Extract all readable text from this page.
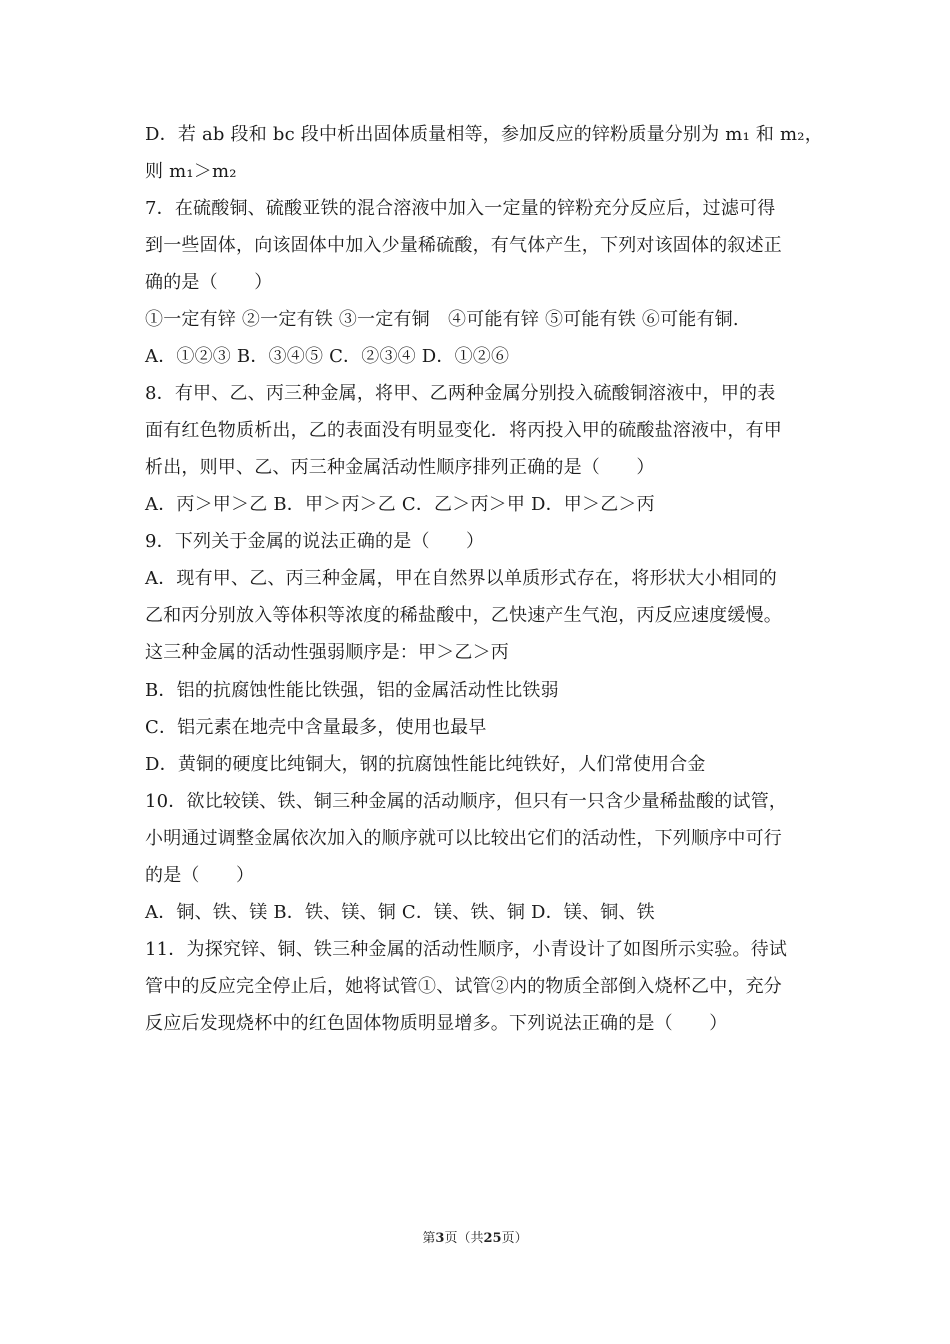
D．若 ab 段和 bc 段中析出固体质量相等，参加反应的锌粉质量分别为 m₁ 和 m₂，
则 m₁＞m₂
7．在硫酸铜、硫酸亚铁的混合溶液中加入一定量的锌粉充分反应后，过滤可得
到一些固体，向该固体中加入少量稀硫酸，有气体产生，下列对该固体的叙述正
确的是（　　）
①一定有锌 ②一定有铁 ③一定有铜　④可能有锌 ⑤可能有铁 ⑥可能有铜.
A．①②③ B．③④⑤ C．②③④ D．①②⑥
8．有甲、乙、丙三种金属，将甲、乙两种金属分别投入硫酸铜溶液中，甲的表
面有红色物质析出，乙的表面没有明显变化．将丙投入甲的硫酸盐溶液中，有甲
析出，则甲、乙、丙三种金属活动性顺序排列正确的是（　　）
A．丙＞甲＞乙 B．甲＞丙＞乙 C．乙＞丙＞甲 D．甲＞乙＞丙
9．下列关于金属的说法正确的是（　　）
A．现有甲、乙、丙三种金属，甲在自然界以单质形式存在，将形状大小相同的
乙和丙分别放入等体积等浓度的稀盐酸中，乙快速产生气泡，丙反应速度缓慢。
这三种金属的活动性强弱顺序是：甲＞乙＞丙
B．铝的抗腐蚀性能比铁强，铝的金属活动性比铁弱
C．铝元素在地壳中含量最多，使用也最早
D．黄铜的硬度比纯铜大，钢的抗腐蚀性能比纯铁好，人们常使用合金
10．欲比较镁、铁、铜三种金属的活动顺序，但只有一只含少量稀盐酸的试管，
小明通过调整金属依次加入的顺序就可以比较出它们的活动性，下列顺序中可行
的是（　　）
A．铜、铁、镁 B．铁、镁、铜 C．镁、铁、铜 D．镁、铜、铁
11．为探究锌、铜、铁三种金属的活动性顺序，小青设计了如图所示实验。待试
管中的反应完全停止后，她将试管①、试管②内的物质全部倒入烧杯乙中，充分
反应后发现烧杯中的红色固体物质明显增多。下列说法正确的是（　　）
第3页（共25页）
